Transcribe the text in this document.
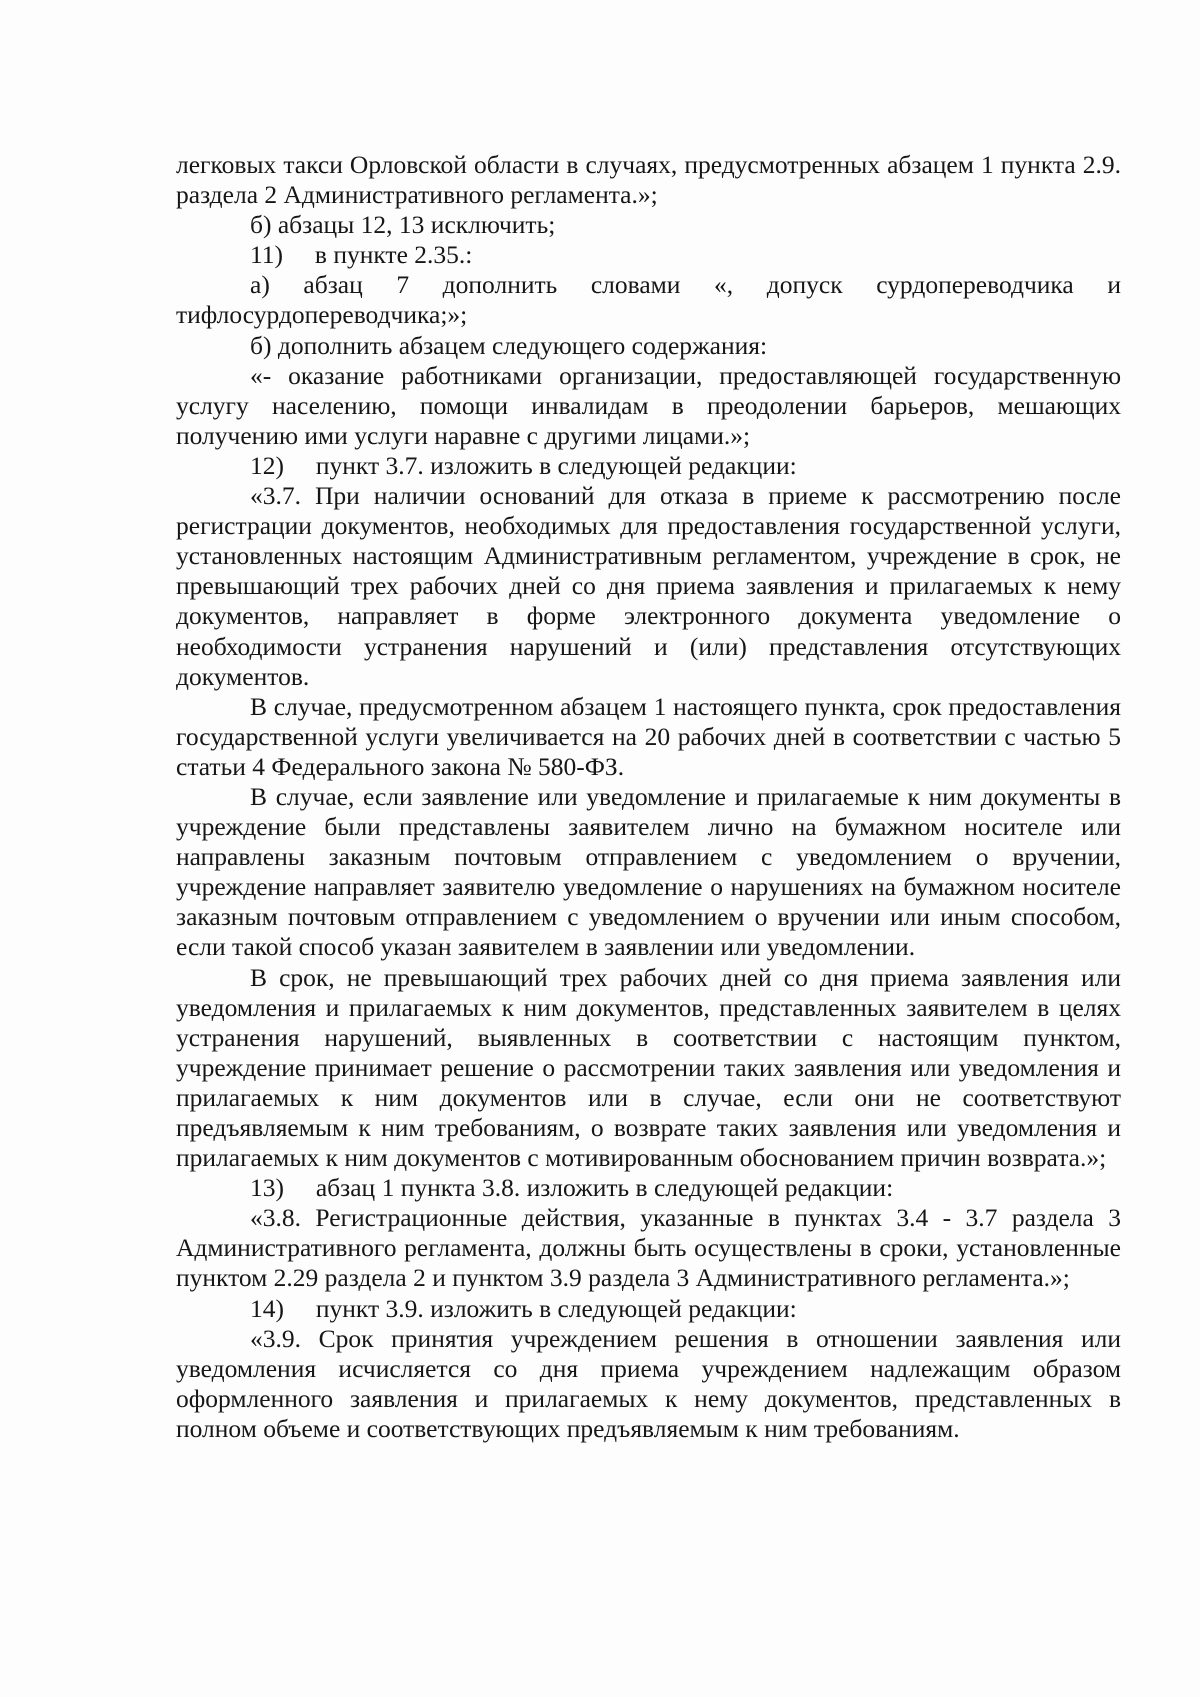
легковых такси Орловской области в случаях, предусмотренных абзацем 1 пункта 2.9. раздела 2 Административного регламента.»;

б) абзацы 12, 13 исключить;

11)  в пункте 2.35.:

а) абзац 7 дополнить словами «, допуск сурдопереводчика и тифлосурдопереводчика;»;

б) дополнить абзацем следующего содержания:

«- оказание работниками организации, предоставляющей государственную услугу населению, помощи инвалидам в преодолении барьеров, мешающих получению ими услуги наравне с другими лицами.»;

12)  пункт 3.7. изложить в следующей редакции:

«3.7. При наличии оснований для отказа в приеме к рассмотрению после регистрации документов, необходимых для предоставления государственной услуги, установленных настоящим Административным регламентом, учреждение в срок, не превышающий трех рабочих дней со дня приема заявления и прилагаемых к нему документов, направляет в форме электронного документа уведомление о необходимости устранения нарушений и (или) представления отсутствующих документов.

В случае, предусмотренном абзацем 1 настоящего пункта, срок предоставления государственной услуги увеличивается на 20 рабочих дней в соответствии с частью 5 статьи 4 Федерального закона № 580-ФЗ.

В случае, если заявление или уведомление и прилагаемые к ним документы в учреждение были представлены заявителем лично на бумажном носителе или направлены заказным почтовым отправлением с уведомлением о вручении, учреждение направляет заявителю уведомление о нарушениях на бумажном носителе заказным почтовым отправлением с уведомлением о вручении или иным способом, если такой способ указан заявителем в заявлении или уведомлении.

В срок, не превышающий трех рабочих дней со дня приема заявления или уведомления и прилагаемых к ним документов, представленных заявителем в целях устранения нарушений, выявленных в соответствии с настоящим пунктом, учреждение принимает решение о рассмотрении таких заявления или уведомления и прилагаемых к ним документов или в случае, если они не соответствуют предъявляемым к ним требованиям, о возврате таких заявления или уведомления и прилагаемых к ним документов с мотивированным обоснованием причин возврата.»;

13)  абзац 1 пункта 3.8. изложить в следующей редакции:

«3.8. Регистрационные действия, указанные в пунктах 3.4 - 3.7 раздела 3 Административного регламента, должны быть осуществлены в сроки, установленные пунктом 2.29 раздела 2 и пунктом 3.9 раздела 3 Административного регламента.»;

14)  пункт 3.9. изложить в следующей редакции:

«3.9. Срок принятия учреждением решения в отношении заявления или уведомления исчисляется со дня приема учреждением надлежащим образом оформленного заявления и прилагаемых к нему документов, представленных в полном объеме и соответствующих предъявляемым к ним требованиям.
